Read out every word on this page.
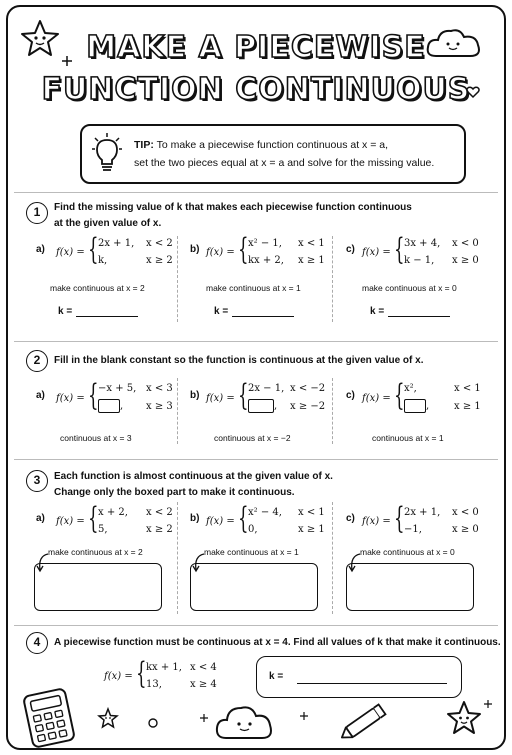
MAKE A PIECEWISE
FUNCTION CONTINUOUS
TIP: To make a piecewise function continuous at x = a,
set the two pieces equal at x = a and solve for the missing value.
1	Find the missing value of k that makes each piecewise function continuous
at the given value of x.
a) f(x) = { 2x + 1, x < 2
k,	x ≥ 2
make continuous at x = 2
k =
b) f(x) = { x² − 1, x < 1
kx + 2, x ≥ 1
make continuous at x = 1
k =
c) f(x) = { 3x + 4, x < 0
k − 1, x ≥ 0
make continuous at x = 0
k =
2	Fill in the blank constant so the function is continuous at the given value of x.
a) f(x) = { −x + 5, x < 3
, x ≥ 3
continuous at x = 3
b) f(x) = { 2x − 1, x < −2
, x ≥ −2
continuous at x = −2
c) f(x) = { x²,	x < 1
, x ≥ 1
continuous at x = 1
3	Each function is almost continuous at the given value of x.
Change only the boxed part to make it continuous.
a) f(x) = { x + 2, x < 2
5,	x ≥ 2
make continuous at x = 2
b) f(x) = { x² − 4, x < 1
0,	x ≥ 1
make continuous at x = 1
c) f(x) = { 2x + 1, x < 0
−1,	x ≥ 0
make continuous at x = 0
4	A piecewise function must be continuous at x = 4. Find all values of k that make it continuous.
f(x) = { kx + 1, x < 4
13,	x ≥ 4
k =
